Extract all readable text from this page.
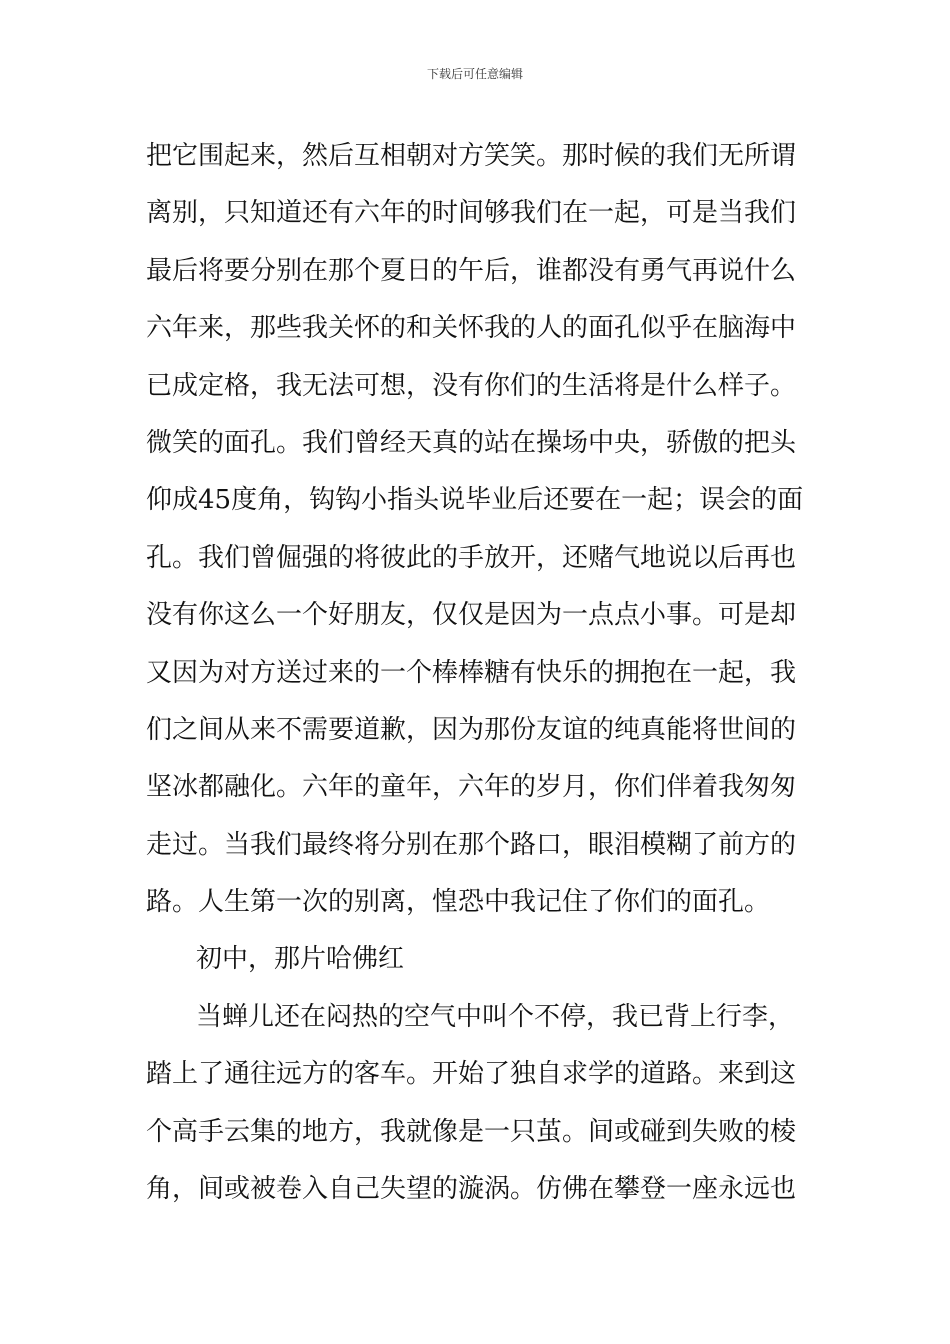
下载后可任意编辑
把它围起来，然后互相朝对方笑笑。那时候的我们无所谓
离别，只知道还有六年的时间够我们在一起，可是当我们
最后将要分别在那个夏日的午后，谁都没有勇气再说什么
六年来，那些我关怀的和关怀我的人的面孔似乎在脑海中
已成定格，我无法可想，没有你们的生活将是什么样子。
微笑的面孔。我们曾经天真的站在操场中央，骄傲的把头
仰成45度角，钩钩小指头说毕业后还要在一起；误会的面
孔。我们曾倔强的将彼此的手放开，还赌气地说以后再也
没有你这么一个好朋友，仅仅是因为一点点小事。可是却
又因为对方送过来的一个棒棒糖有快乐的拥抱在一起，我
们之间从来不需要道歉，因为那份友谊的纯真能将世间的
坚冰都融化。六年的童年，六年的岁月，你们伴着我匆匆
走过。当我们最终将分别在那个路口，眼泪模糊了前方的
路。人生第一次的别离，惶恐中我记住了你们的面孔。
初中，那片哈佛红
当蝉儿还在闷热的空气中叫个不停，我已背上行李，
踏上了通往远方的客车。开始了独自求学的道路。来到这
个高手云集的地方，我就像是一只茧。间或碰到失败的棱
角，间或被卷入自己失望的漩涡。仿佛在攀登一座永远也
